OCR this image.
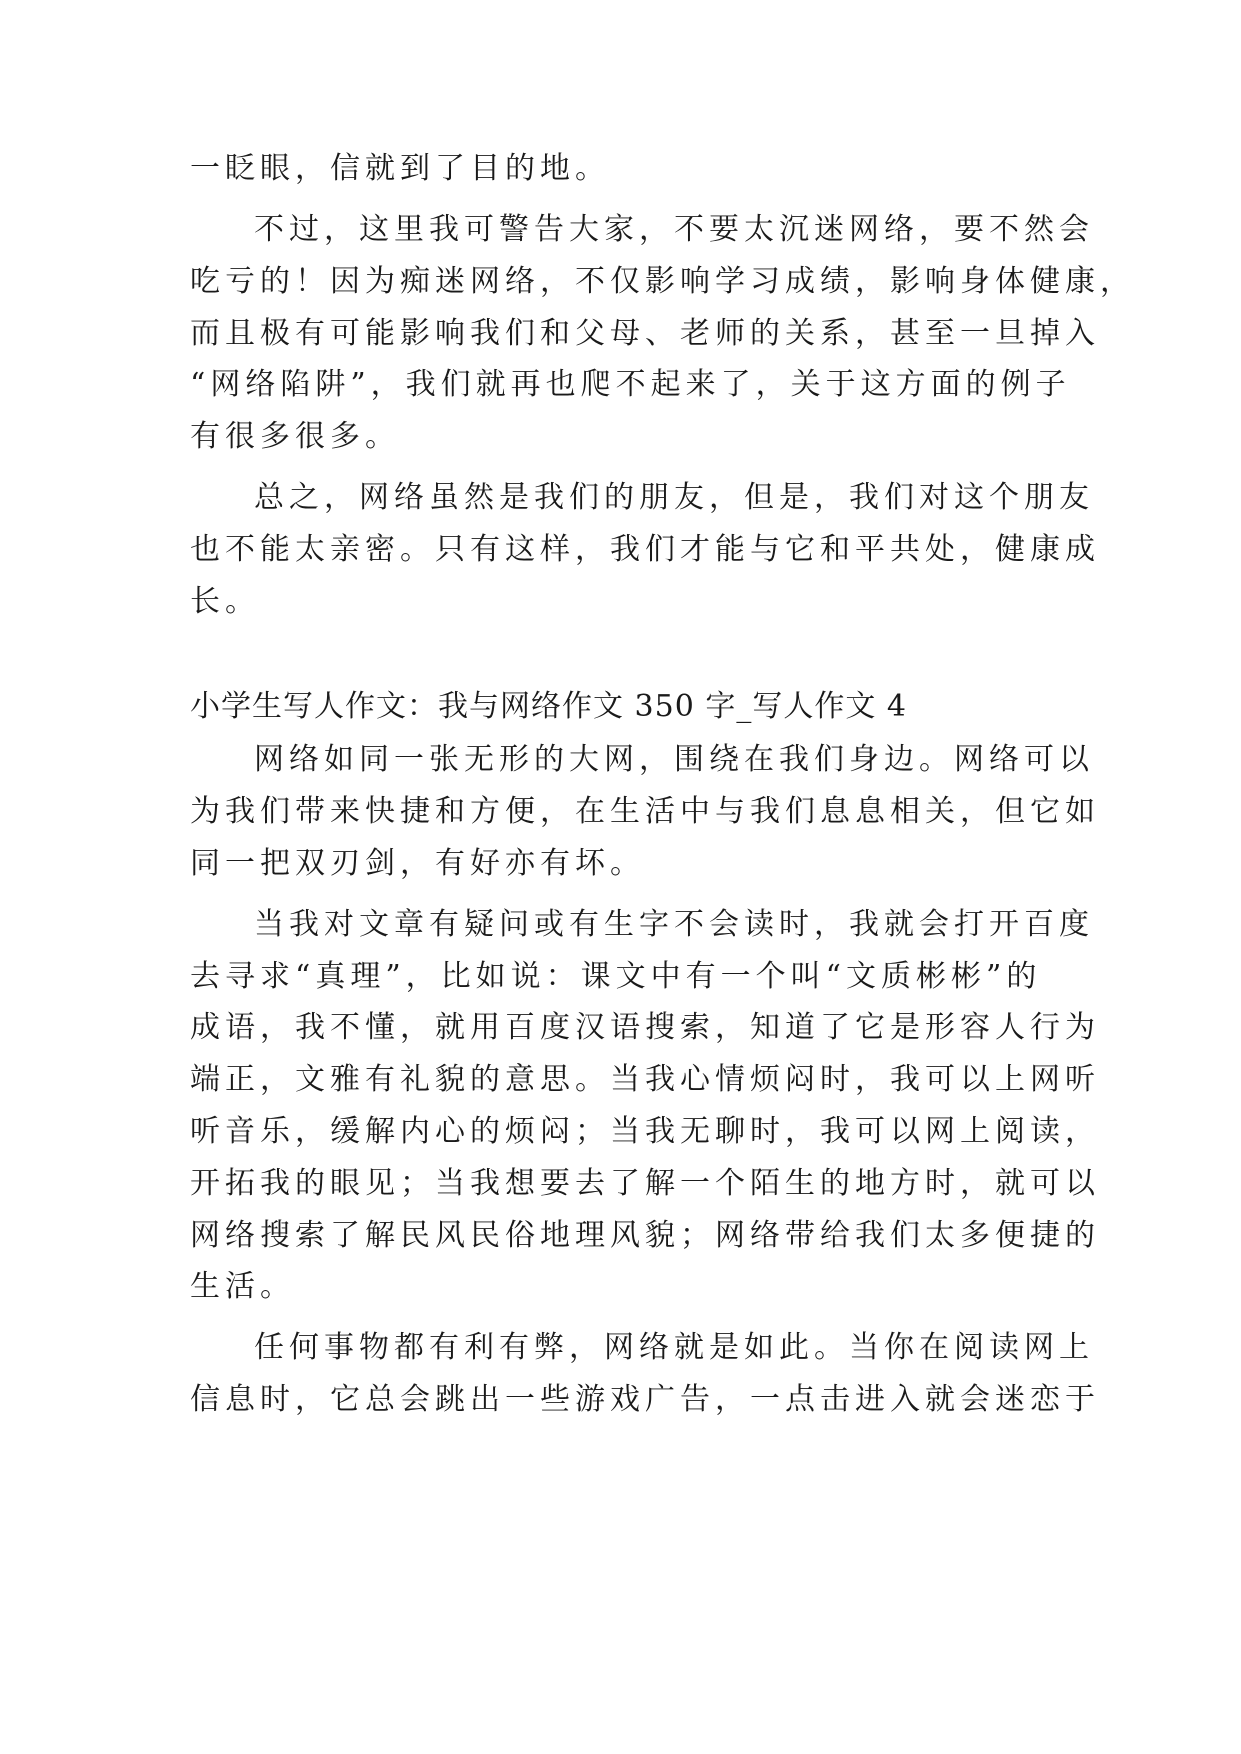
一眨眼，信就到了目的地。
不过，这里我可警告大家，不要太沉迷网络，要不然会
吃亏的！因为痴迷网络，不仅影响学习成绩，影响身体健康，
而且极有可能影响我们和父母、老师的关系，甚至一旦掉入
“网络陷阱”，我们就再也爬不起来了，关于这方面的例子
有很多很多。
总之，网络虽然是我们的朋友，但是，我们对这个朋友
也不能太亲密。只有这样，我们才能与它和平共处，健康成
长。
小学生写人作文：我与网络作文 350 字_写人作文 4
网络如同一张无形的大网，围绕在我们身边。网络可以
为我们带来快捷和方便，在生活中与我们息息相关，但它如
同一把双刃剑，有好亦有坏。
当我对文章有疑问或有生字不会读时，我就会打开百度
去寻求“真理”，比如说：课文中有一个叫“文质彬彬”的
成语，我不懂，就用百度汉语搜索，知道了它是形容人行为
端正，文雅有礼貌的意思。当我心情烦闷时，我可以上网听
听音乐，缓解内心的烦闷；当我无聊时，我可以网上阅读，
开拓我的眼见；当我想要去了解一个陌生的地方时，就可以
网络搜索了解民风民俗地理风貌；网络带给我们太多便捷的
生活。
任何事物都有利有弊，网络就是如此。当你在阅读网上
信息时，它总会跳出一些游戏广告，一点击进入就会迷恋于
